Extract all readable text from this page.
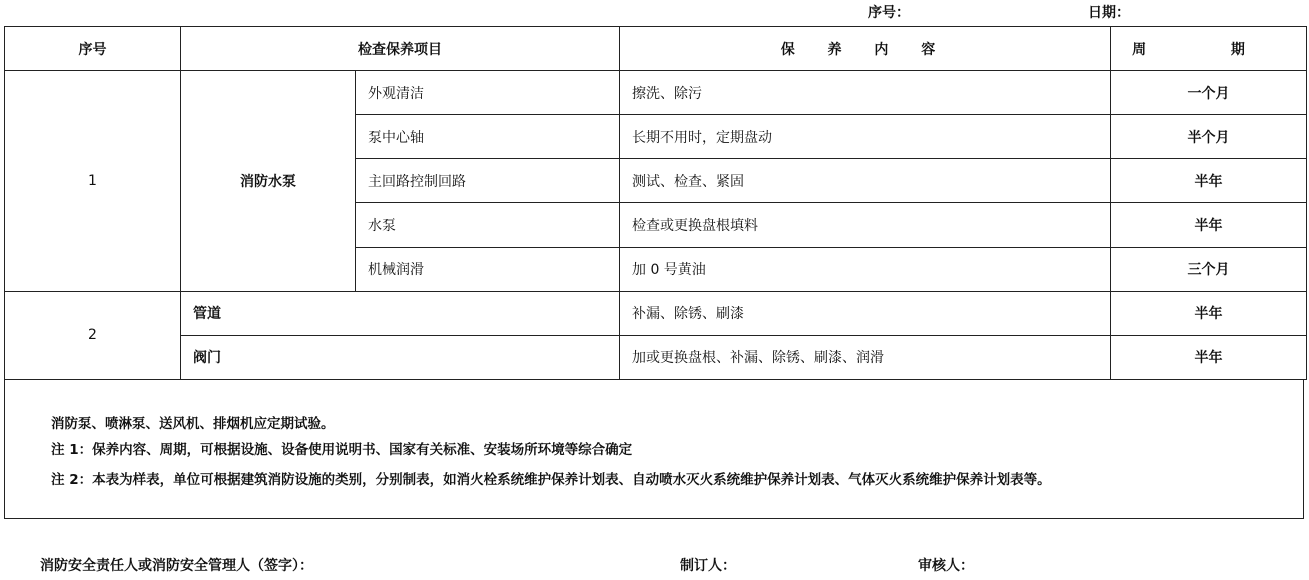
序号：	日期：
序号	检查保养项目		保 养 内 容	周 期
1	消防水泵	外观清洁	擦洗、除污	一个月
		泵中心轴	长期不用时，定期盘动	半个月
		主回路控制回路	测试、检查、紧固	半年
		水泵	检查或更换盘根填料	半年
		机械润滑	加 0 号黄油	三个月
2	管道		补漏、除锈、刷漆	半年
	阀门		加或更换盘根、补漏、除锈、刷漆、润滑	半年

消防泵、喷淋泵、送风机、排烟机应定期试验。

注 1：保养内容、周期，可根据设施、设备使用说明书、国家有关标准、安装场所环境等综合确定

注 2：本表为样表，单位可根据建筑消防设施的类别，分别制表，如消火栓系统维护保养计划表、自动喷水灭火系统维护保养计划表、气体灭火系统维护保养计划表等。

消防安全责任人或消防安全管理人（签字）：	制订人：	审核人：
